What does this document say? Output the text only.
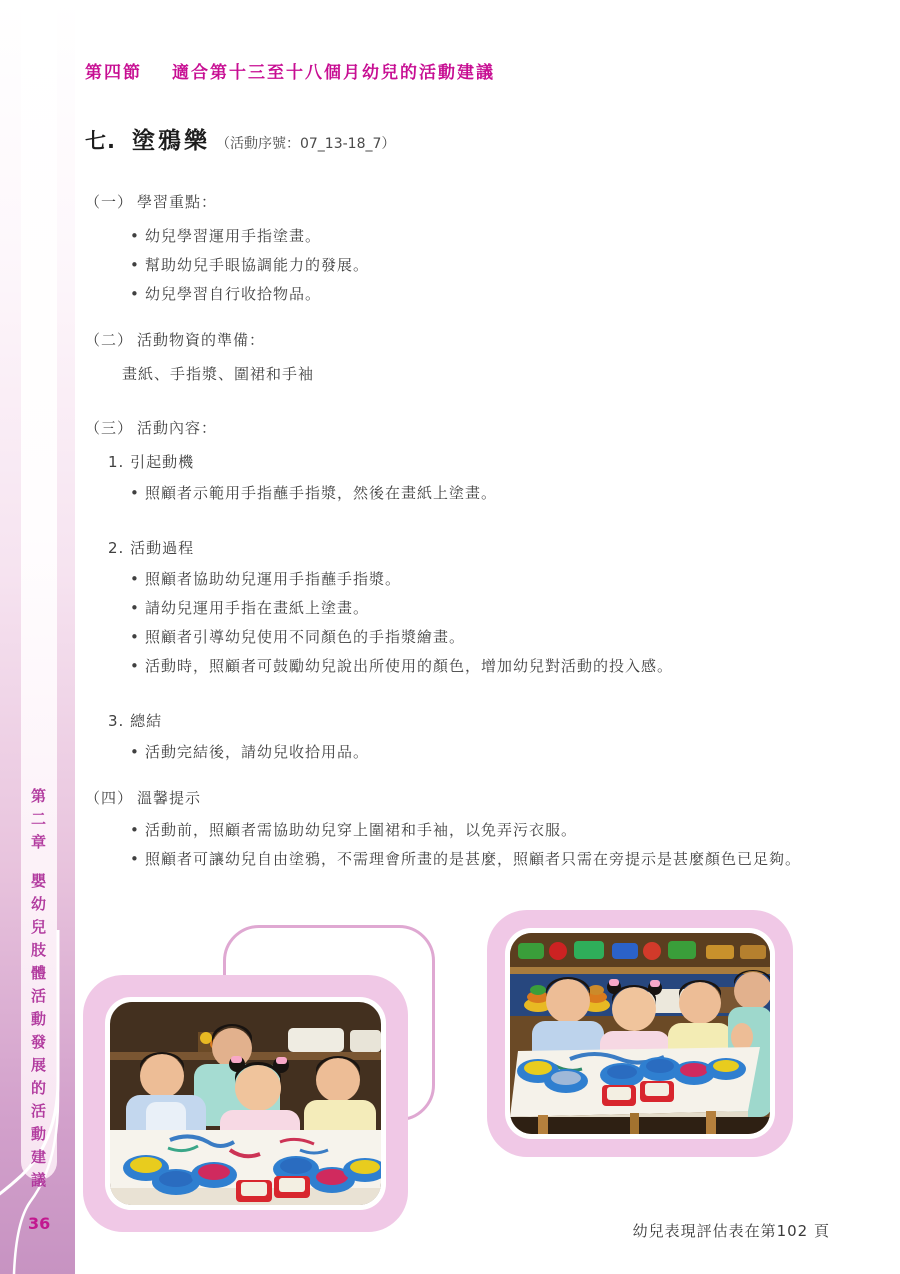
第二章
嬰幼兒肢體活動發展的活動建議
36
第四節 適合第十三至十八個月幼兒的活動建議
七. 塗鴉樂 （活動序號：07_13-18_7）
（一） 學習重點：
• 幼兒學習運用手指塗畫。
• 幫助幼兒手眼協調能力的發展。
• 幼兒學習自行收拾物品。
（二） 活動物資的準備：
畫紙、手指漿、圍裙和手袖
（三） 活動內容：
1. 引起動機
• 照顧者示範用手指蘸手指漿，然後在畫紙上塗畫。
2. 活動過程
• 照顧者協助幼兒運用手指蘸手指漿。
• 請幼兒運用手指在畫紙上塗畫。
• 照顧者引導幼兒使用不同顏色的手指漿繪畫。
• 活動時，照顧者可鼓勵幼兒說出所使用的顏色，增加幼兒對活動的投入感。
3. 總結
• 活動完結後，請幼兒收拾用品。
（四） 溫馨提示
• 活動前，照顧者需協助幼兒穿上圍裙和手袖，以免弄污衣服。
• 照顧者可讓幼兒自由塗鴉，不需理會所畫的是甚麼，照顧者只需在旁提示是甚麼顏色已足夠。
幼兒表現評估表在第102 頁
